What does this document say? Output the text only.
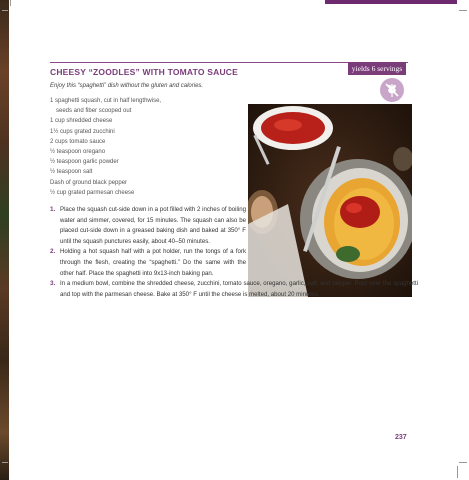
yields 6 servings
CHEESY “ZOODLES” WITH TOMATO SAUCE
Enjoy this “spaghetti” dish without the gluten and calories.
1 spaghetti squash, cut in half lengthwise,
seeds and fiber scooped out
1 cup shredded cheese
1½ cups grated zucchini
2 cups tomato sauce
½ teaspoon oregano
½ teaspoon garlic powder
½ teaspoon salt
Dash of ground black pepper
½ cup grated parmesan cheese
1. Place the squash cut-side down in a pot filled with 2 inches of boiling water and simmer, covered, for 15 minutes. The squash can also be placed cut-side down in a greased baking dish and baked at 350° F until the squash punctures easily, about 40–50 minutes.
2. Holding a hot squash half with a pot holder, run the tongs of a fork through the flesh, creating the “spaghetti.” Do the same with the other half. Place the spaghetti into 9x13-inch baking pan.
3. In a medium bowl, combine the shredded cheese, zucchini, tomato sauce, oregano, garlic, salt, and pepper. Pour over the spaghetti and top with the parmesan cheese. Bake at 350° F until the cheese is melted, about 20 minutes.
237
